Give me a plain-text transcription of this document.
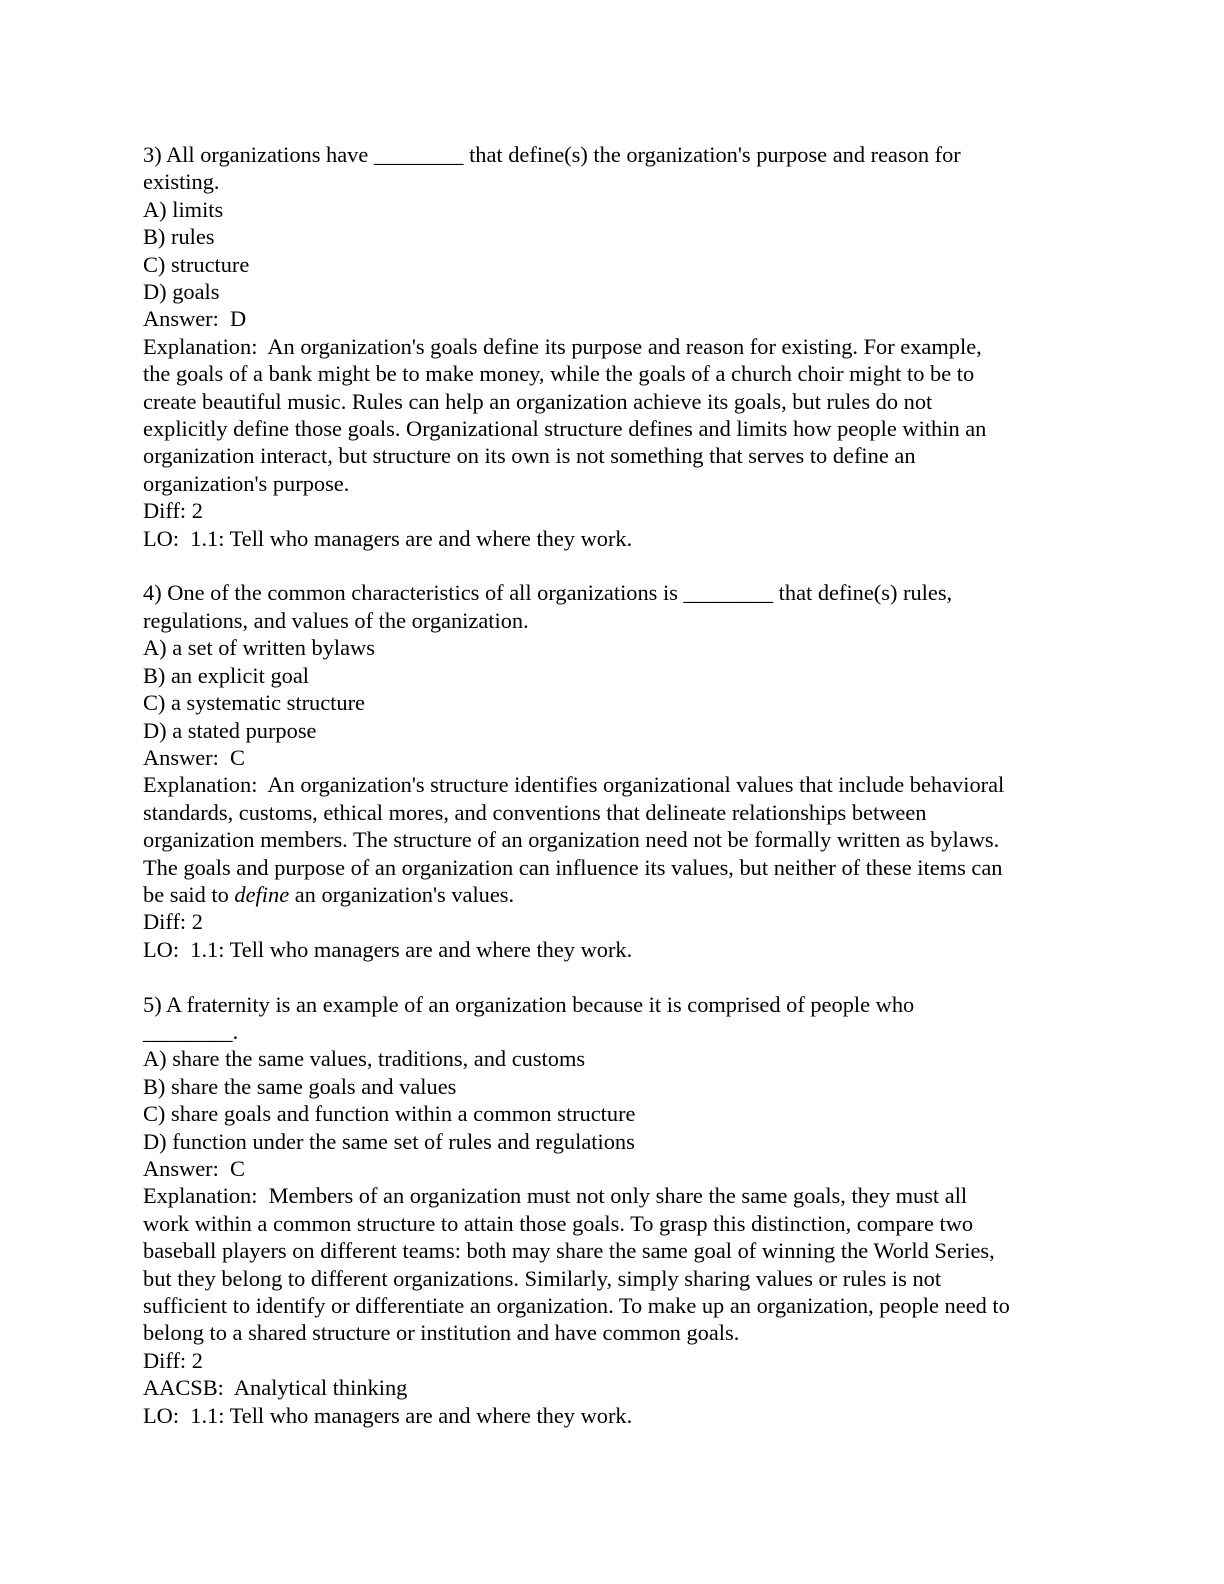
3) All organizations have ________ that define(s) the organization's purpose and reason for
existing.
A) limits
B) rules
C) structure
D) goals
Answer:  D
Explanation:  An organization's goals define its purpose and reason for existing. For example,
the goals of a bank might be to make money, while the goals of a church choir might to be to
create beautiful music. Rules can help an organization achieve its goals, but rules do not
explicitly define those goals. Organizational structure defines and limits how people within an
organization interact, but structure on its own is not something that serves to define an
organization's purpose.
Diff: 2
LO:  1.1: Tell who managers are and where they work.
4) One of the common characteristics of all organizations is ________ that define(s) rules,
regulations, and values of the organization.
A) a set of written bylaws
B) an explicit goal
C) a systematic structure
D) a stated purpose
Answer:  C
Explanation:  An organization's structure identifies organizational values that include behavioral
standards, customs, ethical mores, and conventions that delineate relationships between
organization members. The structure of an organization need not be formally written as bylaws.
The goals and purpose of an organization can influence its values, but neither of these items can
be said to define an organization's values.
Diff: 2
LO:  1.1: Tell who managers are and where they work.
5) A fraternity is an example of an organization because it is comprised of people who
________.
A) share the same values, traditions, and customs
B) share the same goals and values
C) share goals and function within a common structure
D) function under the same set of rules and regulations
Answer:  C
Explanation:  Members of an organization must not only share the same goals, they must all
work within a common structure to attain those goals. To grasp this distinction, compare two
baseball players on different teams: both may share the same goal of winning the World Series,
but they belong to different organizations. Similarly, simply sharing values or rules is not
sufficient to identify or differentiate an organization. To make up an organization, people need to
belong to a shared structure or institution and have common goals.
Diff: 2
AACSB:  Analytical thinking
LO:  1.1: Tell who managers are and where they work.
